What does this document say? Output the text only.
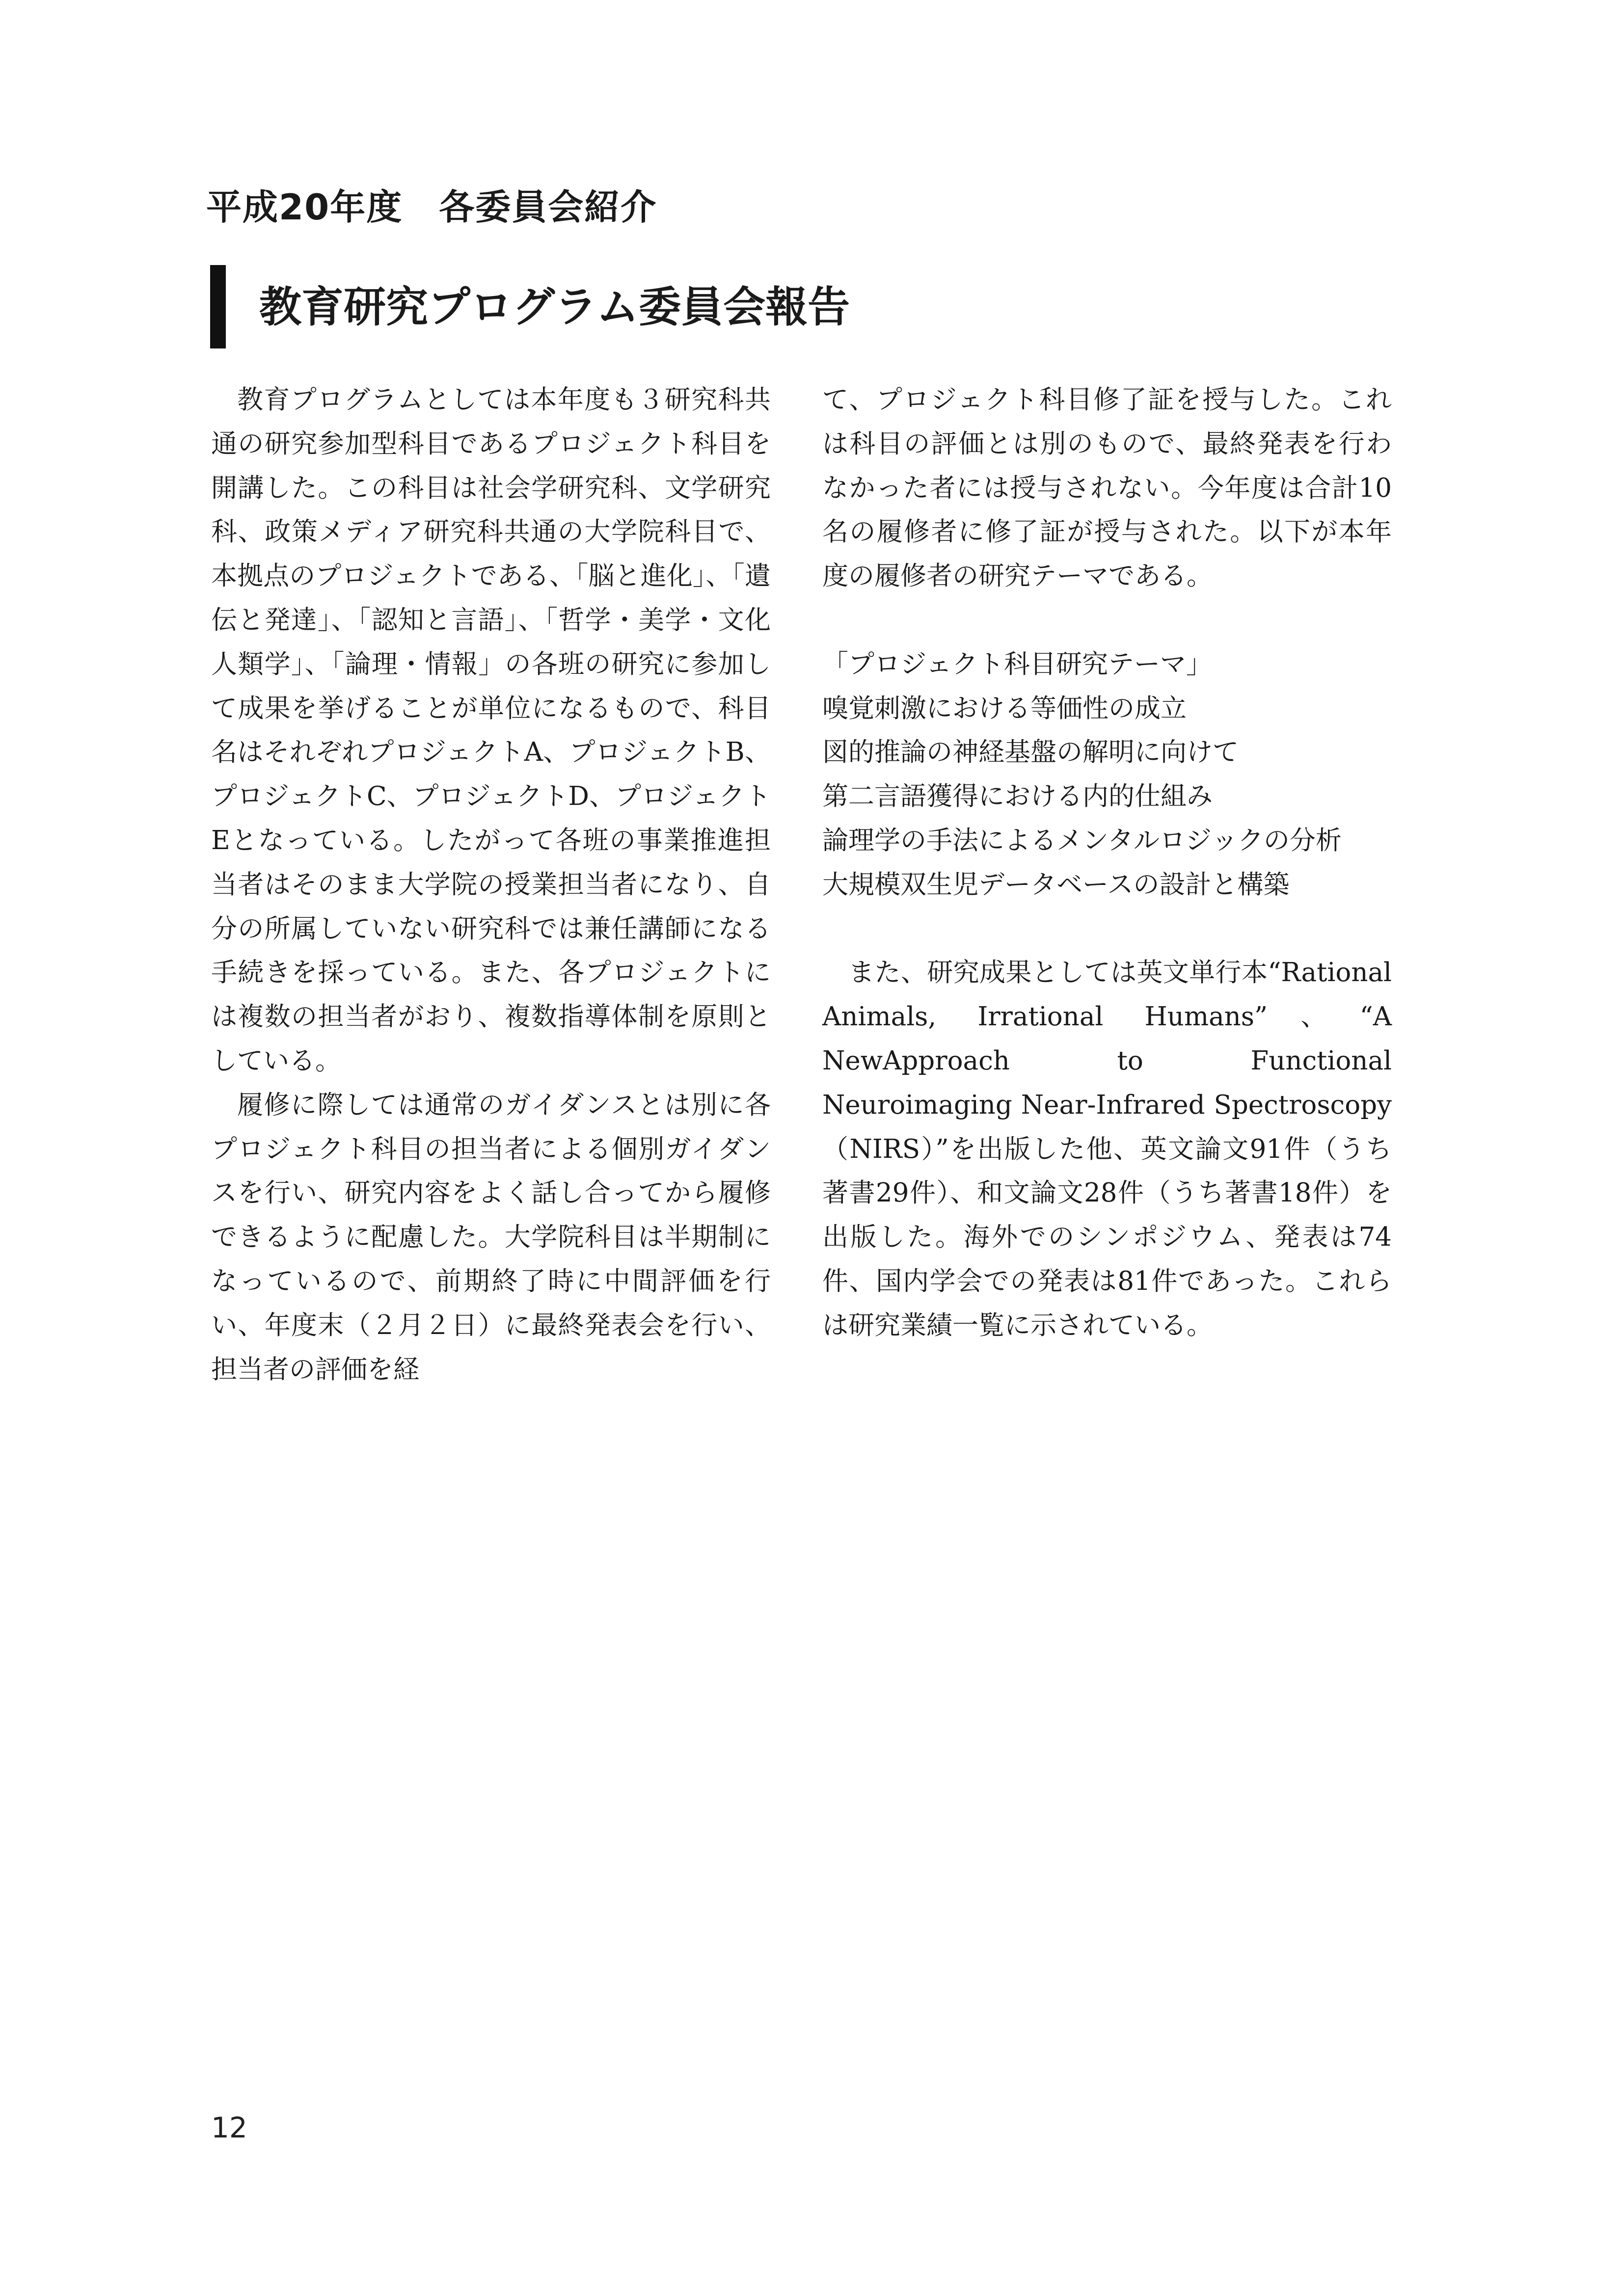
平成20年度　各委員会紹介
教育研究プログラム委員会報告

教育プログラムとしては本年度も３研究科共通の研究参加型科目であるプロジェクト科目を開講した。この科目は社会学研究科、文学研究科、政策メディア研究科共通の大学院科目で、本拠点のプロジェクトである、「脳と進化」、「遺伝と発達」、「認知と言語」、「哲学・美学・文化人類学」、「論理・情報」の各班の研究に参加して成果を挙げることが単位になるもので、科目名はそれぞれプロジェクトA、プロジェクトB、プロジェクトC、プロジェクトD、プロジェクトEとなっている。したがって各班の事業推進担当者はそのまま大学院の授業担当者になり、自分の所属していない研究科では兼任講師になる手続きを採っている。また、各プロジェクトには複数の担当者がおり、複数指導体制を原則としている。

履修に際しては通常のガイダンスとは別に各プロジェクト科目の担当者による個別ガイダンスを行い、研究内容をよく話し合ってから履修できるように配慮した。大学院科目は半期制になっているので、前期終了時に中間評価を行い、年度末（２月２日）に最終発表会を行い、担当者の評価を経

て、プロジェクト科目修了証を授与した。これは科目の評価とは別のもので、最終発表を行わなかった者には授与されない。今年度は合計10名の履修者に修了証が授与された。以下が本年度の履修者の研究テーマである。

「プロジェクト科目研究テーマ」
嗅覚刺激における等価性の成立
図的推論の神経基盤の解明に向けて
第二言語獲得における内的仕組み
論理学の手法によるメンタルロジックの分析
大規模双生児データベースの設計と構築

また、研究成果としては英文単行本“Rational Animals, Irrational Humans”、“A NewApproach to Functional Neuroimaging Near-Infrared Spectroscopy（NIRS）”を出版した他、英文論文91件（うち著書29件）、和文論文28件（うち著書18件）を出版した。海外でのシンポジウム、発表は74件、国内学会での発表は81件であった。これらは研究業績一覧に示されている。

12
